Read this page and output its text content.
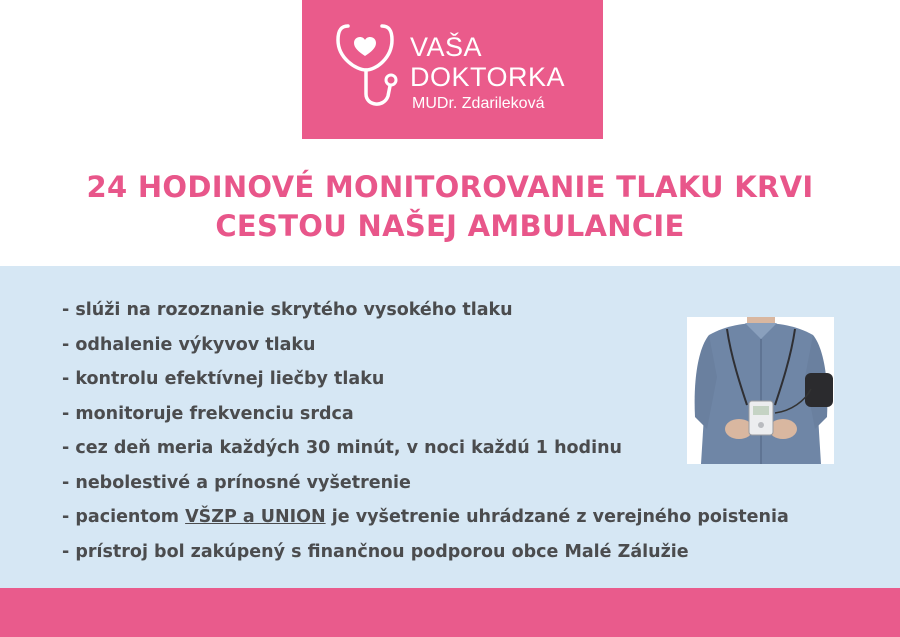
VAŠA
DOKTORKA
MUDr. Zdarileková
24 HODINOVÉ MONITOROVANIE TLAKU KRVI
CESTOU NAŠEJ AMBULANCIE
- slúži na rozoznanie skrytého vysokého tlaku
- odhalenie výkyvov tlaku
- kontrolu efektívnej liečby tlaku
- monitoruje frekvenciu srdca
- cez deň meria každých 30 minút, v noci každú 1 hodinu
- nebolestivé a prínosné vyšetrenie
- pacientom VŠZP a UNION je vyšetrenie uhrádzané z verejného poistenia
- prístroj bol zakúpený s finančnou podporou obce Malé Zálužie
